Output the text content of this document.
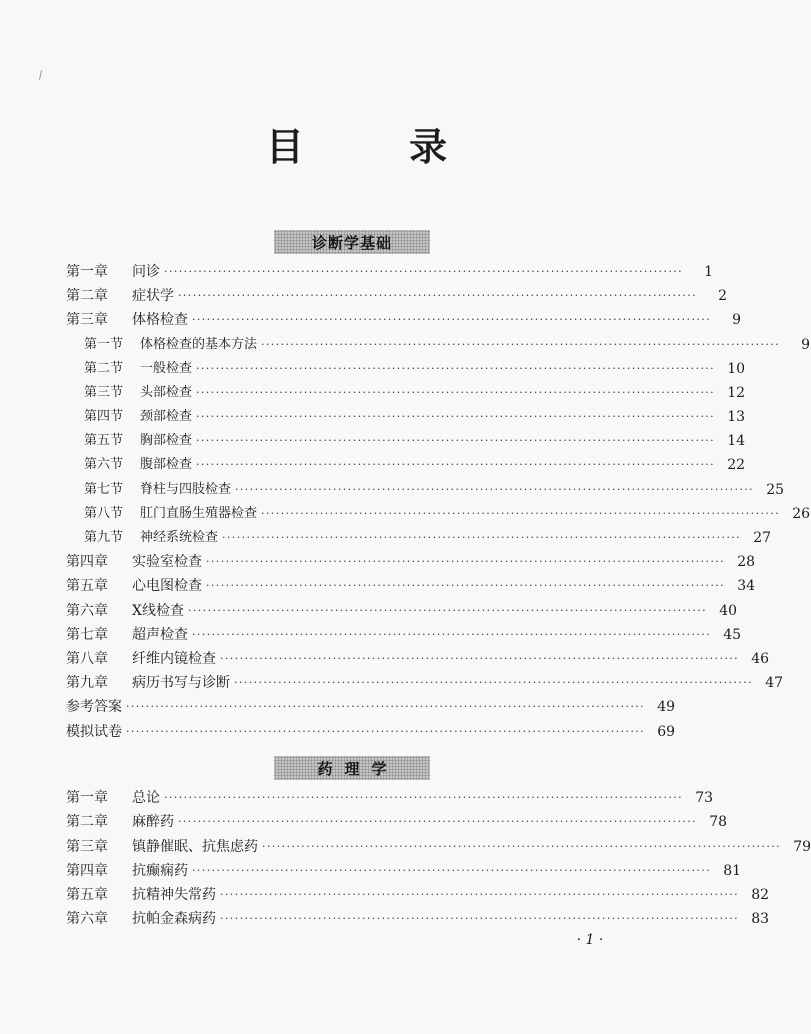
目 录
诊断学基础
第一章	问诊 ··········································································································	1
第二章	症状学 ··········································································································	2
第三章	体格检查 ··········································································································	9
第一节	体格检查的基本方法 ··········································································································	9
第二节	一般检查 ·········································································································· 10
第三节	头部检查 ·········································································································· 12
第四节	颈部检查 ·········································································································· 13
第五节	胸部检查 ·········································································································· 14
第六节	腹部检查 ·········································································································· 22
第七节	脊柱与四肢检查 ·········································································································· 25
第八节	肛门直肠生殖器检查 ·········································································································· 26
第九节	神经系统检查 ·········································································································· 27
第四章	实验室检查 ·········································································································· 28
第五章	心电图检查 ·········································································································· 34
第六章	X线检查 ·········································································································· 40
第七章	超声检查 ·········································································································· 45
第八章	纤维内镜检查 ·········································································································· 46
第九章	病历书写与诊断 ·········································································································· 47
参考答案 ·········································································································· 49
模拟试卷 ·········································································································· 69
药理学
第一章	总论 ·········································································································· 73
第二章	麻醉药 ·········································································································· 78
第三章	镇静催眠、抗焦虑药 ·········································································································· 79
第四章	抗癫痫药 ·········································································································· 81
第五章	抗精神失常药 ·········································································································· 82
第六章	抗帕金森病药 ·········································································································· 83
· 1 ·
